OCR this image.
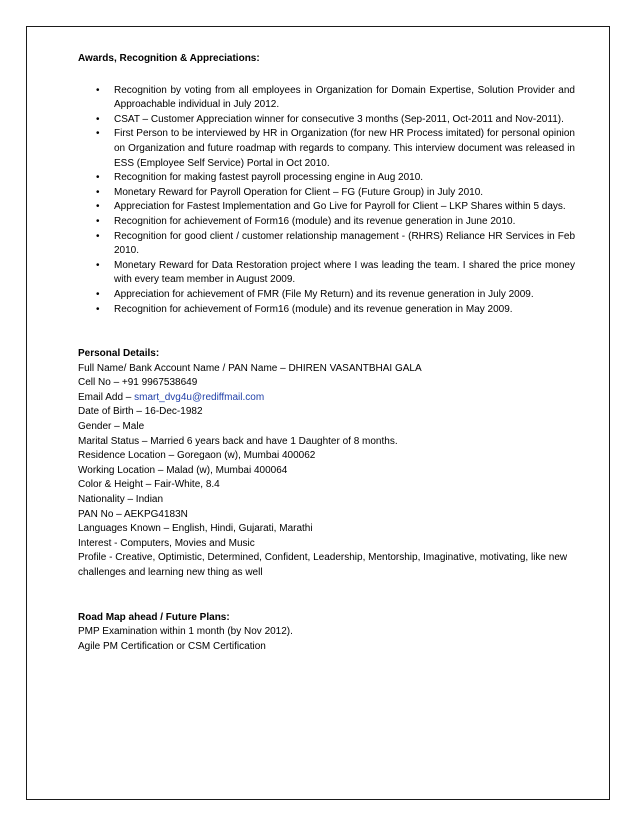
Awards, Recognition & Appreciations:
•	Recognition by voting from all employees in Organization for Domain Expertise, Solution Provider and Approachable individual in July 2012.
•	CSAT – Customer Appreciation winner for consecutive 3 months (Sep-2011, Oct-2011 and Nov-2011).
•	First Person to be interviewed by HR in Organization (for new HR Process imitated) for personal opinion on Organization and future roadmap with regards to company. This interview document was released in ESS (Employee Self Service) Portal in Oct 2010.
•	Recognition for making fastest payroll processing engine in Aug 2010.
•	Monetary Reward for Payroll Operation for Client – FG (Future Group) in July 2010.
•	Appreciation for Fastest Implementation and Go Live for Payroll for Client – LKP Shares within 5 days.
•	Recognition for achievement of Form16 (module) and its revenue generation in June 2010.
•	Recognition for good client / customer relationship management - (RHRS) Reliance HR Services in Feb 2010.
•	Monetary Reward for Data Restoration project where I was leading the team. I shared the price money with every team member in August 2009.
•	Appreciation for achievement of FMR (File My Return) and its revenue generation in July 2009.
•	Recognition for achievement of Form16 (module) and its revenue generation in May 2009.
Personal Details:
Full Name/ Bank Account Name / PAN Name – DHIREN VASANTBHAI GALA
Cell No – +91 9967538649
Email Add – smart_dvg4u@rediffmail.com
Date of Birth – 16-Dec-1982
Gender – Male
Marital Status – Married 6 years back and have 1 Daughter of 8 months.
Residence Location – Goregaon (w), Mumbai 400062
Working Location – Malad (w), Mumbai 400064
Color & Height – Fair-White, 8.4
Nationality – Indian
PAN No – AEKPG4183N
Languages Known – English, Hindi, Gujarati, Marathi
Interest - Computers, Movies and Music
Profile - Creative, Optimistic, Determined, Confident, Leadership, Mentorship, Imaginative, motivating, like new challenges and learning new thing as well
Road Map ahead / Future Plans:
PMP Examination within 1 month (by Nov 2012).
Agile PM Certification or CSM Certification
